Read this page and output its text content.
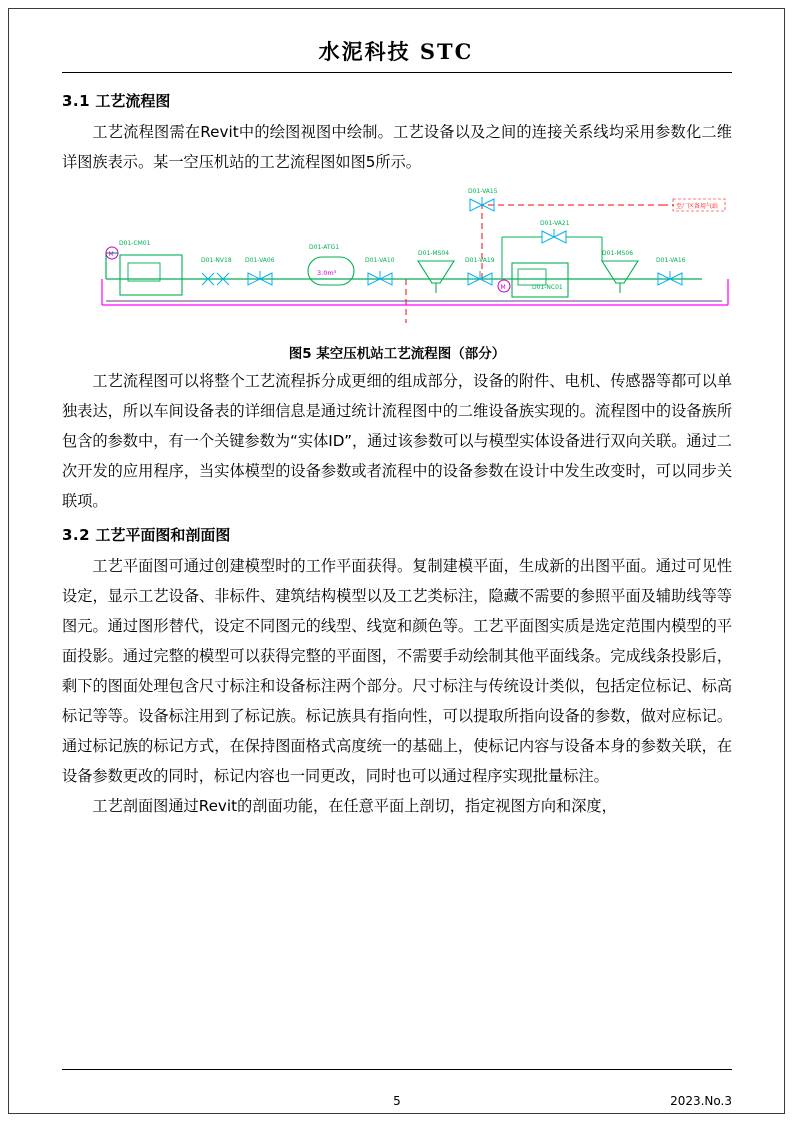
水泥科技 STC
3.1 工艺流程图

工艺流程图需在Revit中的绘图视图中绘制。工艺设备以及之间的连接关系线均采用参数化二维详图族表示。某一空压机站的工艺流程图如图5所示。

至厂区备用气站
M
D01-CM01
D01-NV18 D01-VA06
3.0m³
D01-ATG1
D01-VA10
D01-MS04
D01-VA15
D01-VA19
M	D01-NC01
D01-VA21
D01-MS06
D01-VA16
图5 某空压机站工艺流程图（部分）

工艺流程图可以将整个工艺流程拆分成更细的组成部分，设备的附件、电机、传感器等都可以单独表达，所以车间设备表的详细信息是通过统计流程图中的二维设备族实现的。流程图中的设备族所包含的参数中，有一个关键参数为“实体ID”，通过该参数可以与模型实体设备进行双向关联。通过二次开发的应用程序，当实体模型的设备参数或者流程中的设备参数在设计中发生改变时，可以同步关联项。

3.2 工艺平面图和剖面图

工艺平面图可通过创建模型时的工作平面获得。复制建模平面，生成新的出图平面。通过可见性设定，显示工艺设备、非标件、建筑结构模型以及工艺类标注，隐藏不需要的参照平面及辅助线等等图元。通过图形替代，设定不同图元的线型、线宽和颜色等。工艺平面图实质是选定范围内模型的平面投影。通过完整的模型可以获得完整的平面图，不需要手动绘制其他平面线条。完成线条投影后，剩下的图面处理包含尺寸标注和设备标注两个部分。尺寸标注与传统设计类似，包括定位标记、标高标记等等。设备标注用到了标记族。标记族具有指向性，可以提取所指向设备的参数，做对应标记。通过标记族的标记方式，在保持图面格式高度统一的基础上，使标记内容与设备本身的参数关联，在设备参数更改的同时，标记内容也一同更改，同时也可以通过程序实现批量标注。

工艺剖面图通过Revit的剖面功能，在任意平面上剖切，指定视图方向和深度，

5	2023.No.3
